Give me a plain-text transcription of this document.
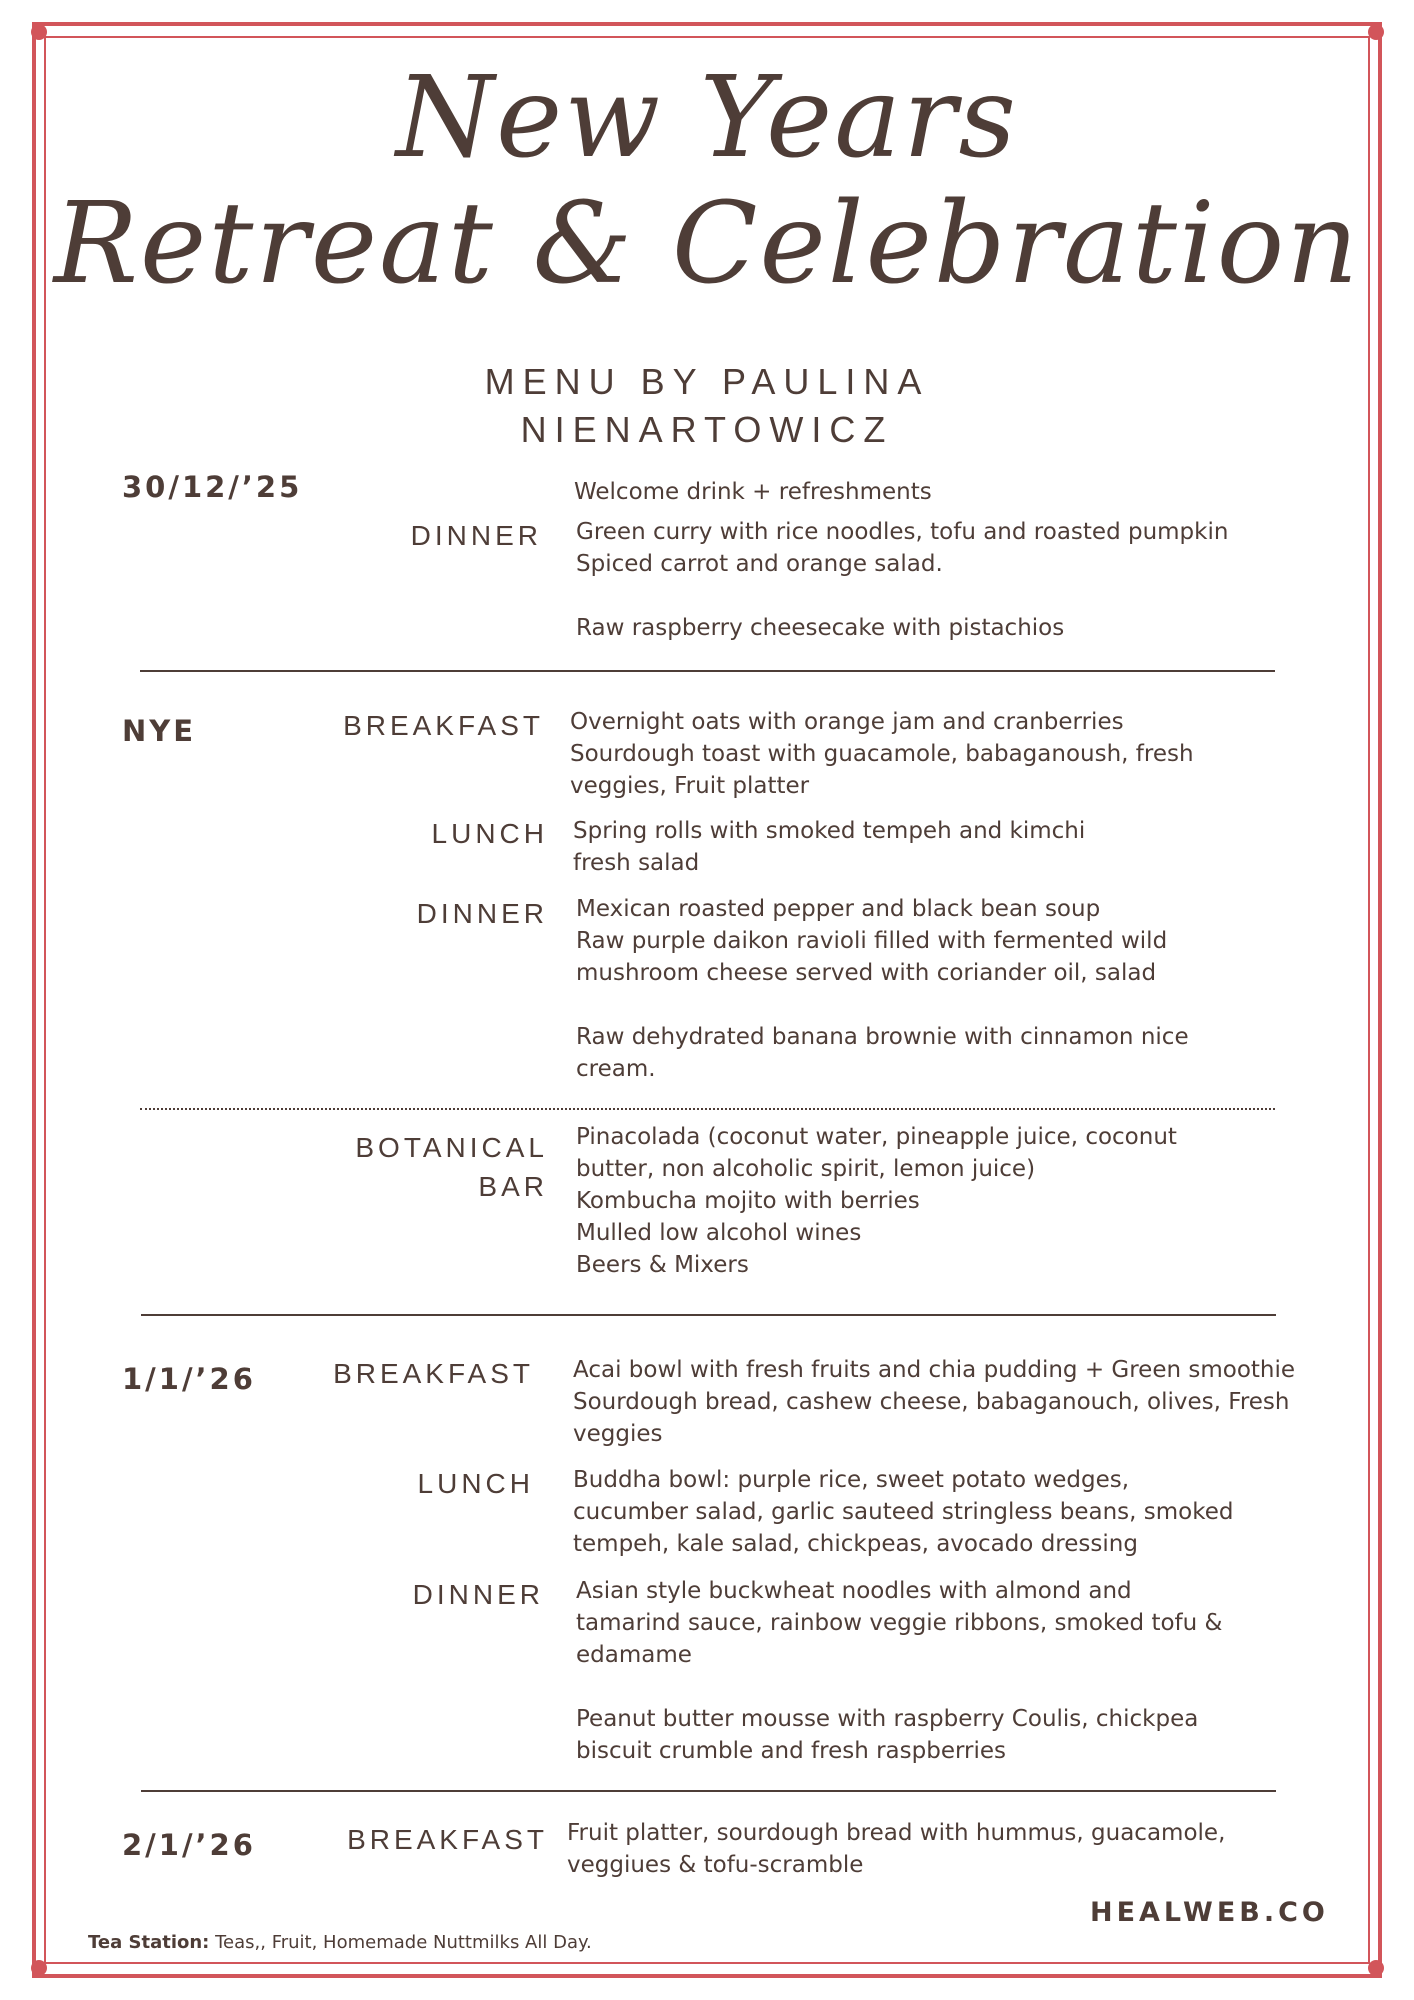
New Years
Retreat & Celebration
MENU BY PAULINA
NIENARTOWICZ
30/12/’25	Welcome drink + refreshments
DINNER Green curry with rice noodles, tofu and roasted pumpkin
Spiced carrot and orange salad.
Raw raspberry cheesecake with pistachios
NYE	BREAKFAST Overnight oats with orange jam and cranberries
Sourdough toast with guacamole, babaganoush, fresh
veggies, Fruit platter
LUNCH Spring rolls with smoked tempeh and kimchi
fresh salad
DINNER Mexican roasted pepper and black bean soup
Raw purple daikon ravioli filled with fermented wild
mushroom cheese served with coriander oil, salad
Raw dehydrated banana brownie with cinnamon nice
cream.
BOTANICAL
BAR
Pinacolada (coconut water, pineapple juice, coconut
butter, non alcoholic spirit, lemon juice)
Kombucha mojito with berries
Mulled low alcohol wines
Beers & Mixers
1/1/’26	BREAKFAST Acai bowl with fresh fruits and chia pudding + Green smoothie
Sourdough bread, cashew cheese, babaganouch, olives, Fresh
veggies
LUNCH Buddha bowl: purple rice, sweet potato wedges,
cucumber salad, garlic sauteed stringless beans, smoked
tempeh, kale salad, chickpeas, avocado dressing
DINNER Asian style buckwheat noodles with almond and
tamarind sauce, rainbow veggie ribbons, smoked tofu &
edamame
Peanut butter mousse with raspberry Coulis, chickpea
biscuit crumble and fresh raspberries
2/1/’26	BREAKFAST Fruit platter, sourdough bread with hummus, guacamole,
veggiues & tofu-scramble
HEALWEB.CO
Tea Station: Teas,, Fruit, Homemade Nuttmilks All Day.
